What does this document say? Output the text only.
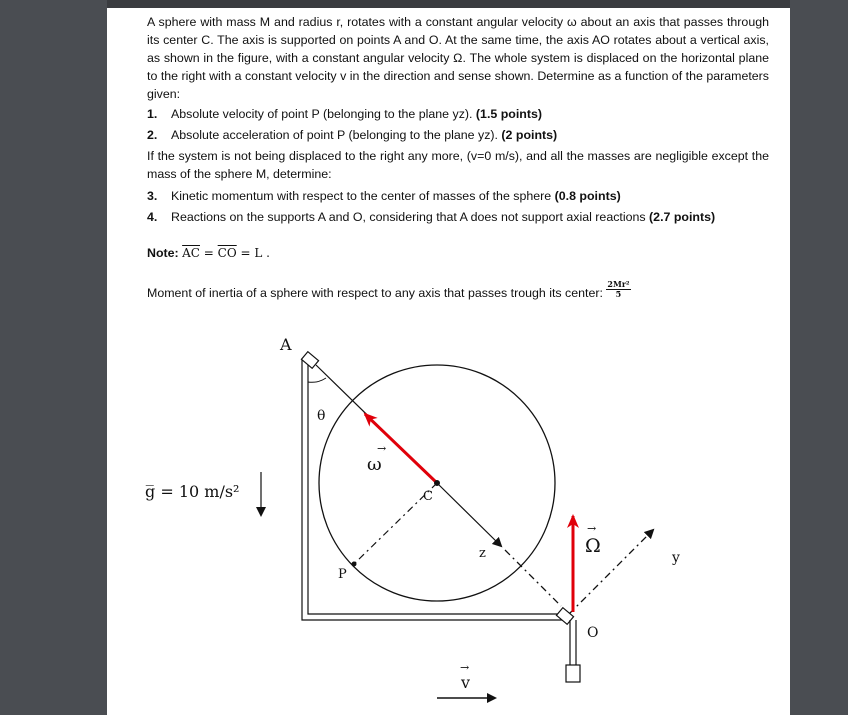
A sphere with mass M and radius r, rotates with a constant angular velocity ω about an axis that passes through its center C. The axis is supported on points A and O. At the same time, the axis AO rotates about a vertical axis, as shown in the figure, with a constant angular velocity Ω. The whole system is displaced on the horizontal plane to the right with a constant velocity v in the direction and sense shown. Determine as a function of the parameters given:
1. Absolute velocity of point P (belonging to the plane yz). (1.5 points)
2. Absolute acceleration of point P (belonging to the plane yz). (2 points)
If the system is not being displaced to the right any more, (v=0 m/s), and all the masses are negligible except the mass of the sphere M, determine:
3. Kinetic momentum with respect to the center of masses of the sphere (0.8 points)
4. Reactions on the supports A and O, considering that A does not support axial reactions (2.7 points)
Note: $\overline{AC} = \overline{CO} = L$ .
Moment of inertia of a sphere with respect to any axis that passes trough its center: $\frac{\text{2Mr²}}{5}$
A
θ
ω
→
C
P
z	Ω
→
y
O
v
→
g̅ = 10 m/s²
